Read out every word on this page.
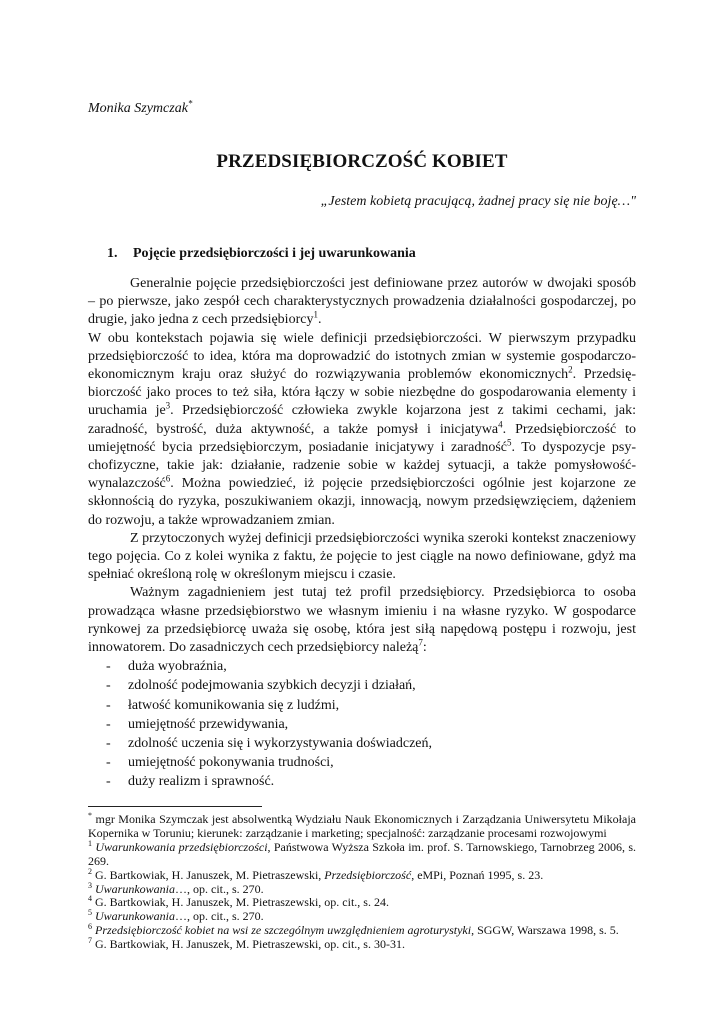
Monika Szymczak*
PRZEDSIĘBIORCZOŚĆ KOBIET
„Jestem kobietą pracującą, żadnej pracy się nie boję…"
1. Pojęcie przedsiębiorczości i jej uwarunkowania

Generalnie pojęcie przedsiębiorczości jest definiowane przez autorów w dwojaki sposób – po pierwsze, jako zespół cech charakterystycznych prowadzenia działalności gospodarczej, po drugie, jako jedna z cech przedsiębiorcy$^1$.

W obu kontekstach pojawia się wiele definicji przedsiębiorczości. W pierwszym przypadku przedsiębiorczość to idea, która ma doprowadzić do istotnych zmian w systemie gospodarczo-ekonomicznym kraju oraz służyć do rozwiązywania problemów ekonomicznych$^2$. Przedsiębiorczość jako proces to też siła, która łączy w sobie niezbędne do gospodarowania elementy i uruchamia $je^3$. Przedsiębiorczość człowieka zwykle kojarzona jest z takimi cechami, jak: zaradność, bystrość, duża aktywność, a także pomysł i inicjatywa$^4$. Przedsiębiorczość to umiejętność bycia przedsiębiorczym, posiadanie inicjatywy i zaradność$^5$. To dyspozycje psychofizyczne, takie jak: działanie, radzenie sobie w każdej sytuacji, a także pomysłowość-wynalazczość$^6$. Można powiedzieć, iż pojęcie przedsiębiorczości ogólnie jest kojarzone ze skłonnością do ryzyka, poszukiwaniem okazji, innowacją, nowym przedsięwzięciem, dążeniem do rozwoju, a także wprowadzaniem zmian.

Z przytoczonych wyżej definicji przedsiębiorczości wynika szeroki kontekst znaczeniowy tego pojęcia. Co z kolei wynika z faktu, że pojęcie to jest ciągle na nowo definiowane, gdyż ma spełniać określoną rolę w określonym miejscu i czasie.

Ważnym zagadnieniem jest tutaj też profil przedsiębiorcy. Przedsiębiorca to osoba prowadząca własne przedsiębiorstwo we własnym imieniu i na własne ryzyko. W gospodarce rynkowej za przedsiębiorcę uważa się osobę, która jest siłą napędową postępu i rozwoju, jest innowatorem. Do zasadniczych cech przedsiębiorcy należą$^7$:

- duża wyobraźnia,
- zdolność podejmowania szybkich decyzji i działań,
- łatwość komunikowania się z ludźmi,
- umiejętność przewidywania,
- zdolność uczenia się i wykorzystywania doświadczeń,
- umiejętność pokonywania trudności,
- duży realizm i sprawność.

* mgr Monika Szymczak jest absolwentką Wydziału Nauk Ekonomicznych i Zarządzania Uniwersytetu Mikołaja Kopernika w Toruniu; kierunek: zarządzanie i marketing; specjalność: zarządzanie procesami rozwojowymi

$^1$ Uwarunkowania przedsiębiorczości, Państwowa Wyższa Szkoła im. prof. S. Tarnowskiego, Tarnobrzeg 2006, s. 269.

$^2$ G. Bartkowiak, H. Januszek, M. Pietraszewski, Przedsiębiorczość, eMPi, Poznań 1995, s. 23.

$^3$ Uwarunkowania…, op. cit., s. 270.

$^4$ G. Bartkowiak, H. Januszek, M. Pietraszewski, op. cit., s. 24.

$^5$ Uwarunkowania…, op. cit., s. 270.

$^6$ Przedsiębiorczość kobiet na wsi ze szczególnym uwzględnieniem agroturystyki, SGGW, Warszawa 1998, s. 5.

$^7$ G. Bartkowiak, H. Januszek, M. Pietraszewski, op. cit., s. 30-31.
